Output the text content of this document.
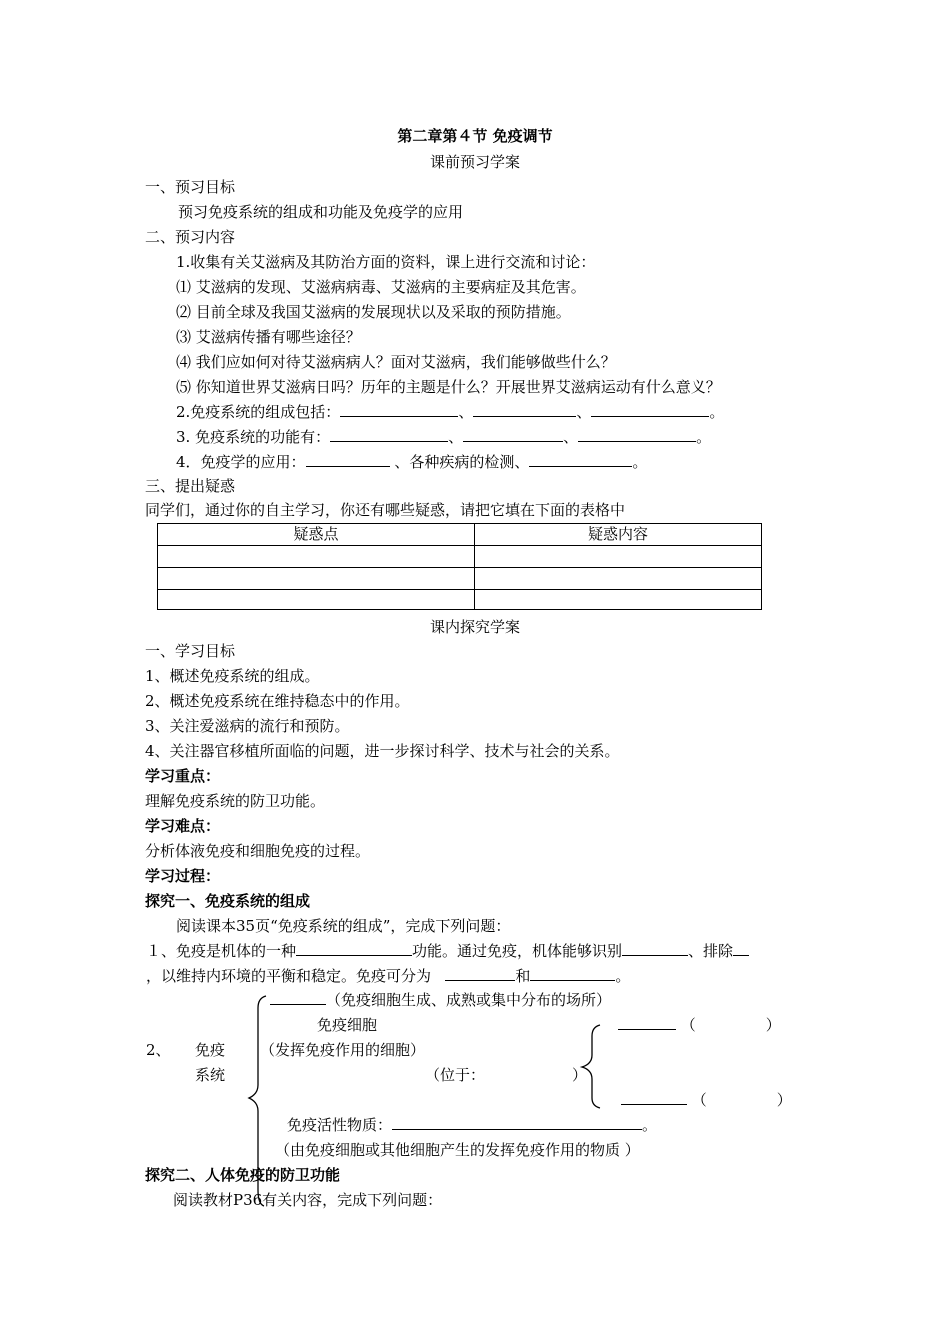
第二章第４节 免疫调节
课前预习学案
一、预习目标
预习免疫系统的组成和功能及免疫学的应用
二、预习内容
1.收集有关艾滋病及其防治方面的资料，课上进行交流和讨论：
⑴ 艾滋病的发现、艾滋病病毒、艾滋病的主要病症及其危害。
⑵ 目前全球及我国艾滋病的发展现状以及采取的预防措施。
⑶ 艾滋病传播有哪些途径？
⑷ 我们应如何对待艾滋病病人？面对艾滋病，我们能够做些什么？
⑸ 你知道世界艾滋病日吗？历年的主题是什么？开展世界艾滋病运动有什么意义？
2.免疫系统的组成包括：	、	、	。
3. 免疫系统的功能有：	、	、	。
4．免疫学的应用：	、各种疾病的检测、	。
三、提出疑惑
同学们，通过你的自主学习，你还有哪些疑惑，请把它填在下面的表格中
疑惑点	疑惑内容

课内探究学案
一、学习目标
1、概述免疫系统的组成。
2、概述免疫系统在维持稳态中的作用。
3、关注爱滋病的流行和预防。
4、关注器官移植所面临的问题，进一步探讨科学、技术与社会的关系。
学习重点：
理解免疫系统的防卫功能。
学习难点：
分析体液免疫和细胞免疫的过程。
学习过程：
探究一、免疫系统的组成
阅读课本35页“免疫系统的组成”，完成下列问题：
１、免疫是机体的一种	功能。通过免疫，机体能够识别	、排除
，以维持内环境的平衡和稳定。免疫可分为	和	。
（免疫细胞生成、成熟或集中分布的场所）
免疫细胞	（	）
2、 免疫 （发挥免疫作用的细胞）
系统	（位于：	）
（	）
免疫活性物质：	。
（由免疫细胞或其他细胞产生的发挥免疫作用的物质 ）
探究二、人体免疫的防卫功能
阅读教材P36有关内容，完成下列问题：
